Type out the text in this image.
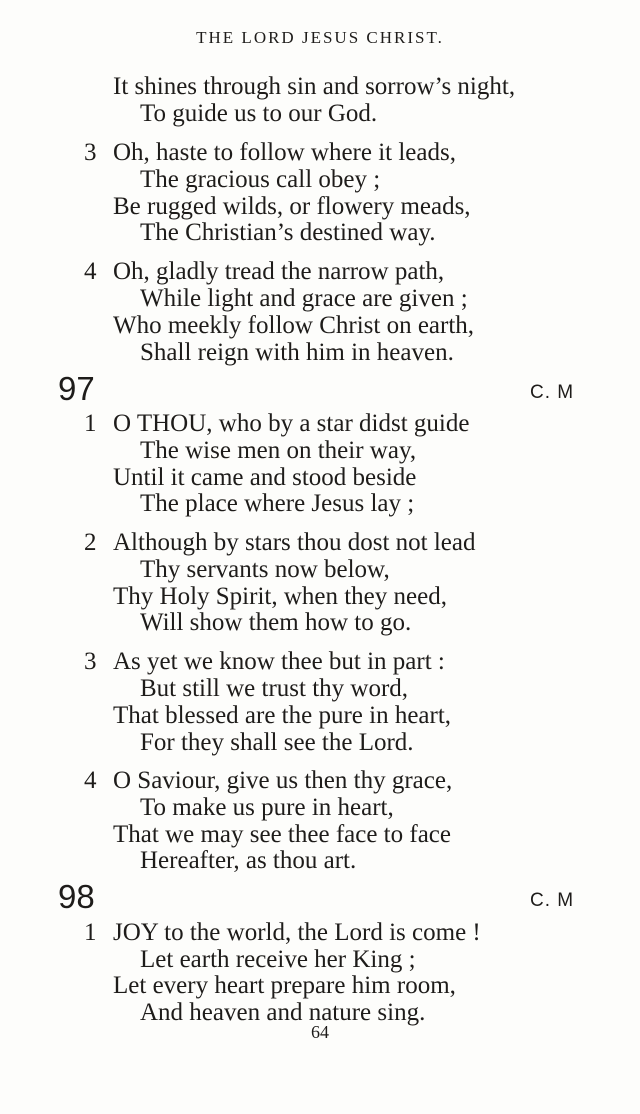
THE LORD JESUS CHRIST.
It shines through sin and sorrow’s night,
To guide us to our God.
3 Oh, haste to follow where it leads,
The gracious call obey ;
Be rugged wilds, or flowery meads,
The Christian’s destined way.
4 Oh, gladly tread the narrow path,
While light and grace are given ;
Who meekly follow Christ on earth,
Shall reign with him in heaven.
97	C. M
1 O THOU, who by a star didst guide
The wise men on their way,
Until it came and stood beside
The place where Jesus lay ;
2 Although by stars thou dost not lead
Thy servants now below,
Thy Holy Spirit, when they need,
Will show them how to go.
3 As yet we know thee but in part :
But still we trust thy word,
That blessed are the pure in heart,
For they shall see the Lord.
4 O Saviour, give us then thy grace,
To make us pure in heart,
That we may see thee face to face
Hereafter, as thou art.
98	C. M
1 JOY to the world, the Lord is come !
Let earth receive her King ;
Let every heart prepare him room,
And heaven and nature sing.
64
